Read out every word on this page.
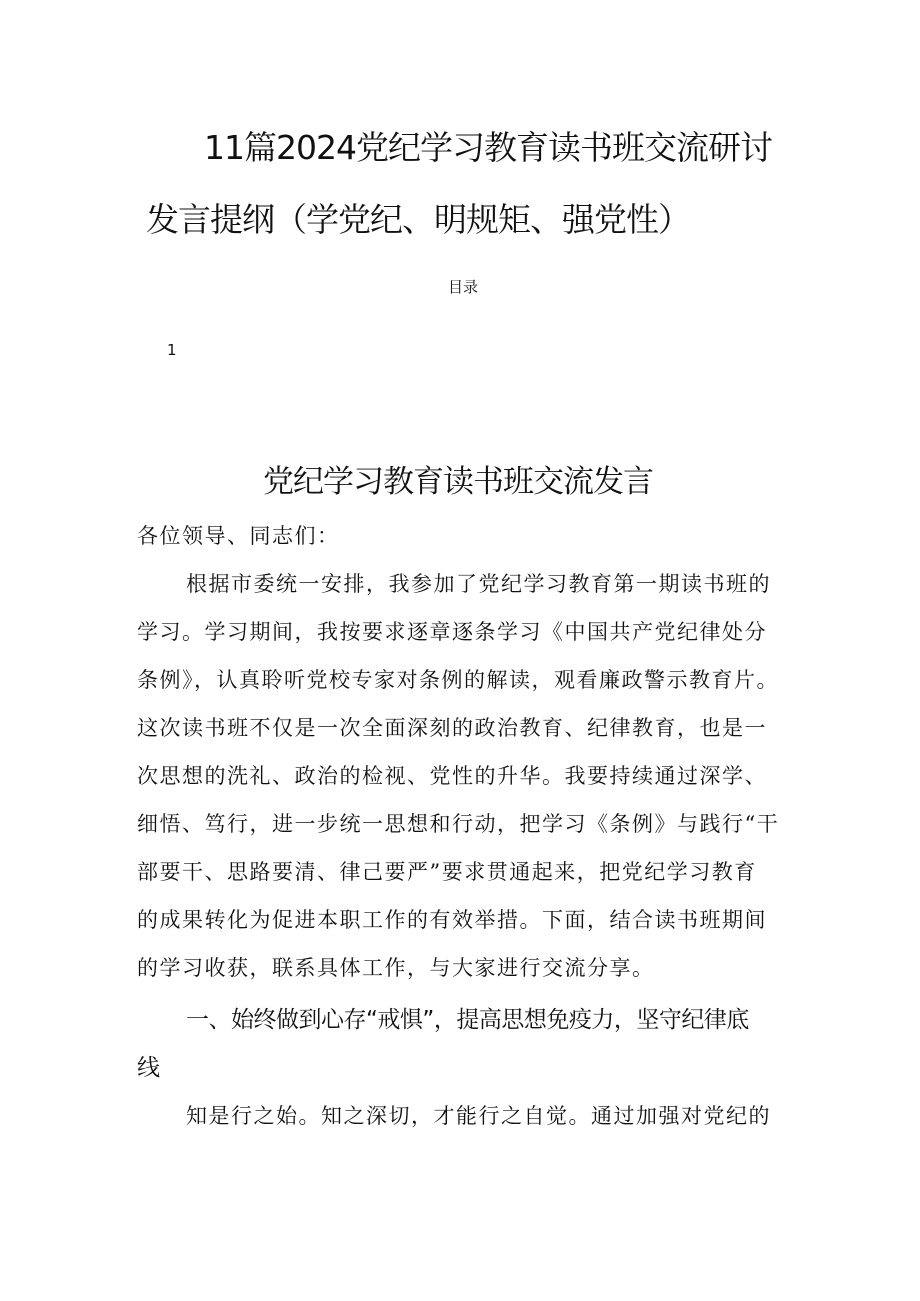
11篇2024党纪学习教育读书班交流研讨
发言提纲（学党纪、明规矩、强党性）
目录
1
党纪学习教育读书班交流发言
各位领导、同志们：
根据市委统一安排，我参加了党纪学习教育第一期读书班的
学习。学习期间，我按要求逐章逐条学习《中国共产党纪律处分
条例》，认真聆听党校专家对条例的解读，观看廉政警示教育片。
这次读书班不仅是一次全面深刻的政治教育、纪律教育，也是一
次思想的洗礼、政治的检视、党性的升华。我要持续通过深学、
细悟、笃行，进一步统一思想和行动，把学习《条例》与践行“干
部要干、思路要清、律己要严”要求贯通起来，把党纪学习教育
的成果转化为促进本职工作的有效举措。下面，结合读书班期间
的学习收获，联系具体工作，与大家进行交流分享。
一、始终做到心存“戒惧”，提高思想免疫力，坚守纪律底
线
知是行之始。知之深切，才能行之自觉。通过加强对党纪的
